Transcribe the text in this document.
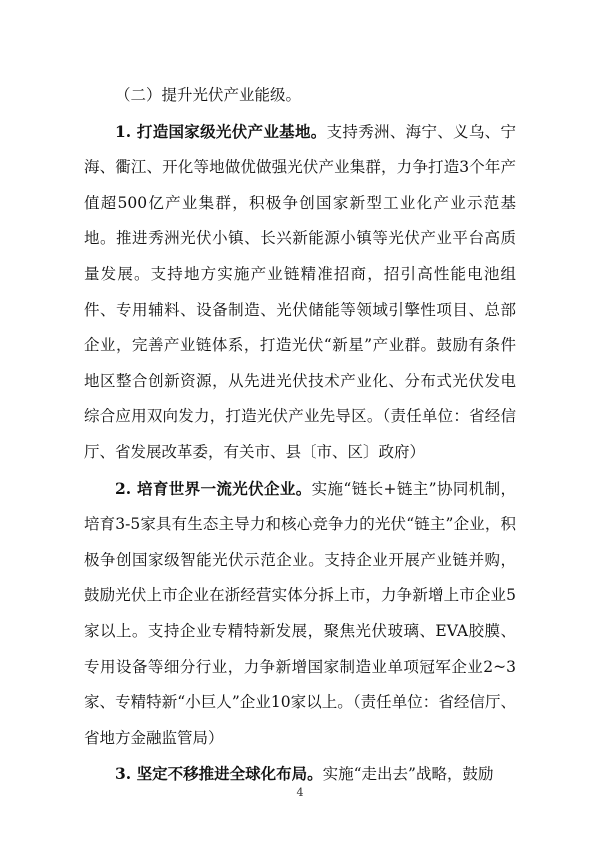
（二）提升光伏产业能级。

1. 打造国家级光伏产业基地。支持秀洲、海宁、义乌、宁海、衢江、开化等地做优做强光伏产业集群，力争打造3个年产值超500亿产业集群，积极争创国家新型工业化产业示范基地。推进秀洲光伏小镇、长兴新能源小镇等光伏产业平台高质量发展。支持地方实施产业链精准招商，招引高性能电池组件、专用辅料、设备制造、光伏储能等领域引擎性项目、总部企业，完善产业链体系，打造光伏“新星”产业群。鼓励有条件地区整合创新资源，从先进光伏技术产业化、分布式光伏发电综合应用双向发力，打造光伏产业先导区。（责任单位：省经信厅、省发展改革委，有关市、县〔市、区〕政府）

2. 培育世界一流光伏企业。实施“链长+链主”协同机制，培育3-5家具有生态主导力和核心竞争力的光伏“链主”企业，积极争创国家级智能光伏示范企业。支持企业开展产业链并购，鼓励光伏上市企业在浙经营实体分拆上市，力争新增上市企业5家以上。支持企业专精特新发展，聚焦光伏玻璃、EVA胶膜、专用设备等细分行业，力争新增国家制造业单项冠军企业2~3家、专精特新“小巨人”企业10家以上。（责任单位：省经信厅、省地方金融监管局）

3. 坚定不移推进全球化布局。实施“走出去”战略，鼓励

4
